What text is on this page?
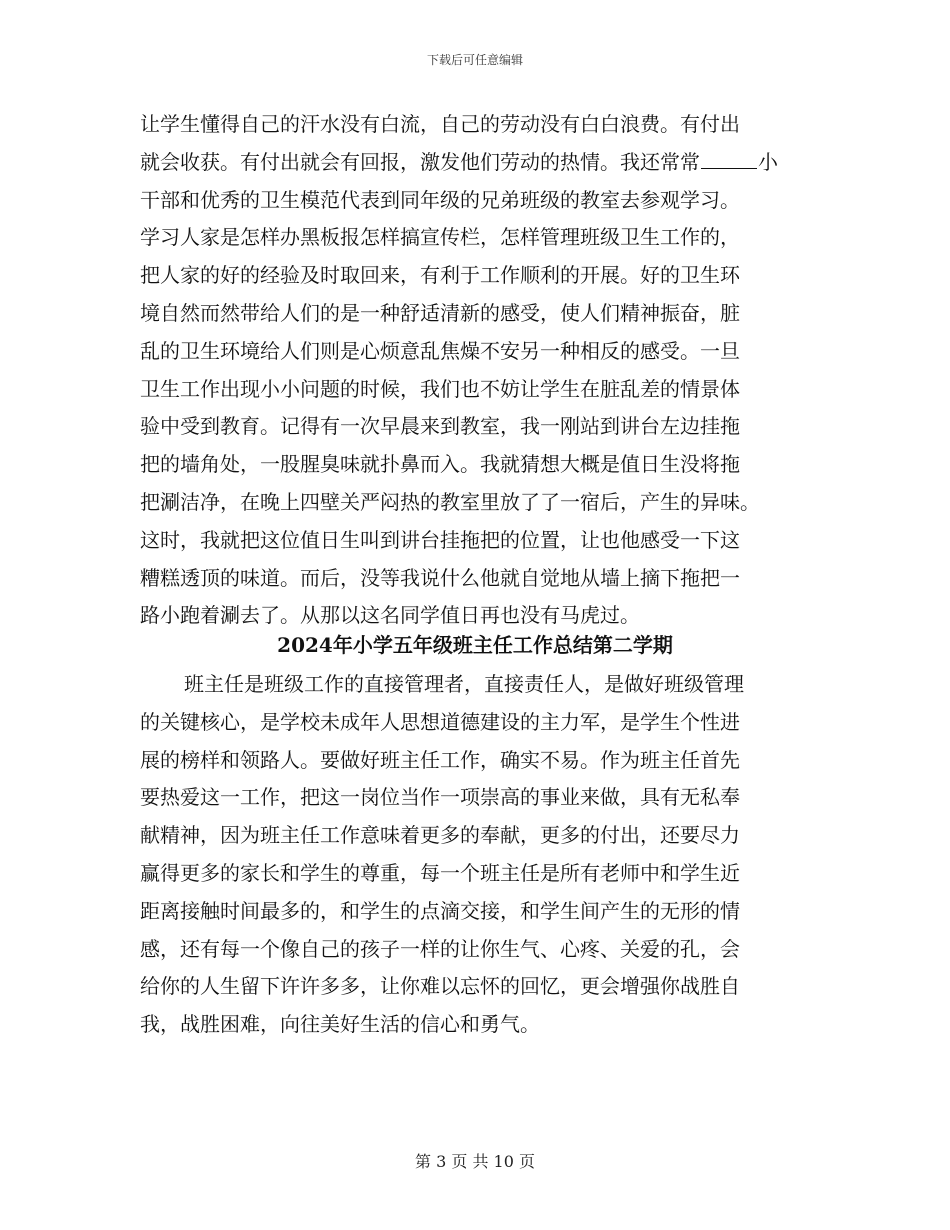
下载后可任意编辑
让学生懂得自己的汗水没有白流，自己的劳动没有白白浪费。有付出
就会收获。有付出就会有回报，激发他们劳动的热情。我还常常	小
干部和优秀的卫生模范代表到同年级的兄弟班级的教室去参观学习。
学习人家是怎样办黑板报怎样搞宣传栏，怎样管理班级卫生工作的，
把人家的好的经验及时取回来，有利于工作顺利的开展。好的卫生环
境自然而然带给人们的是一种舒适清新的感受，使人们精神振奋，脏
乱的卫生环境给人们则是心烦意乱焦燥不安另一种相反的感受。一旦
卫生工作出现小小问题的时候，我们也不妨让学生在脏乱差的情景体
验中受到教育。记得有一次早晨来到教室，我一刚站到讲台左边挂拖
把的墙角处，一股腥臭味就扑鼻而入。我就猜想大概是值日生没将拖
把涮洁净，在晚上四壁关严闷热的教室里放了了一宿后，产生的异味。
这时，我就把这位值日生叫到讲台挂拖把的位置，让也他感受一下这
糟糕透顶的味道。而后，没等我说什么他就自觉地从墙上摘下拖把一
路小跑着涮去了。从那以这名同学值日再也没有马虎过。
2024年小学五年级班主任工作总结第二学期
班主任是班级工作的直接管理者，直接责任人，是做好班级管理
的关键核心，是学校未成年人思想道德建设的主力军，是学生个性进
展的榜样和领路人。要做好班主任工作，确实不易。作为班主任首先
要热爱这一工作，把这一岗位当作一项崇高的事业来做，具有无私奉
献精神，因为班主任工作意味着更多的奉献，更多的付出，还要尽力
赢得更多的家长和学生的尊重，每一个班主任是所有老师中和学生近
距离接触时间最多的，和学生的点滴交接，和学生间产生的无形的情
感，还有每一个像自己的孩子一样的让你生气、心疼、关爱的孔，会
给你的人生留下许许多多，让你难以忘怀的回忆，更会增强你战胜自
我，战胜困难，向往美好生活的信心和勇气。
第 3 页 共 10 页
